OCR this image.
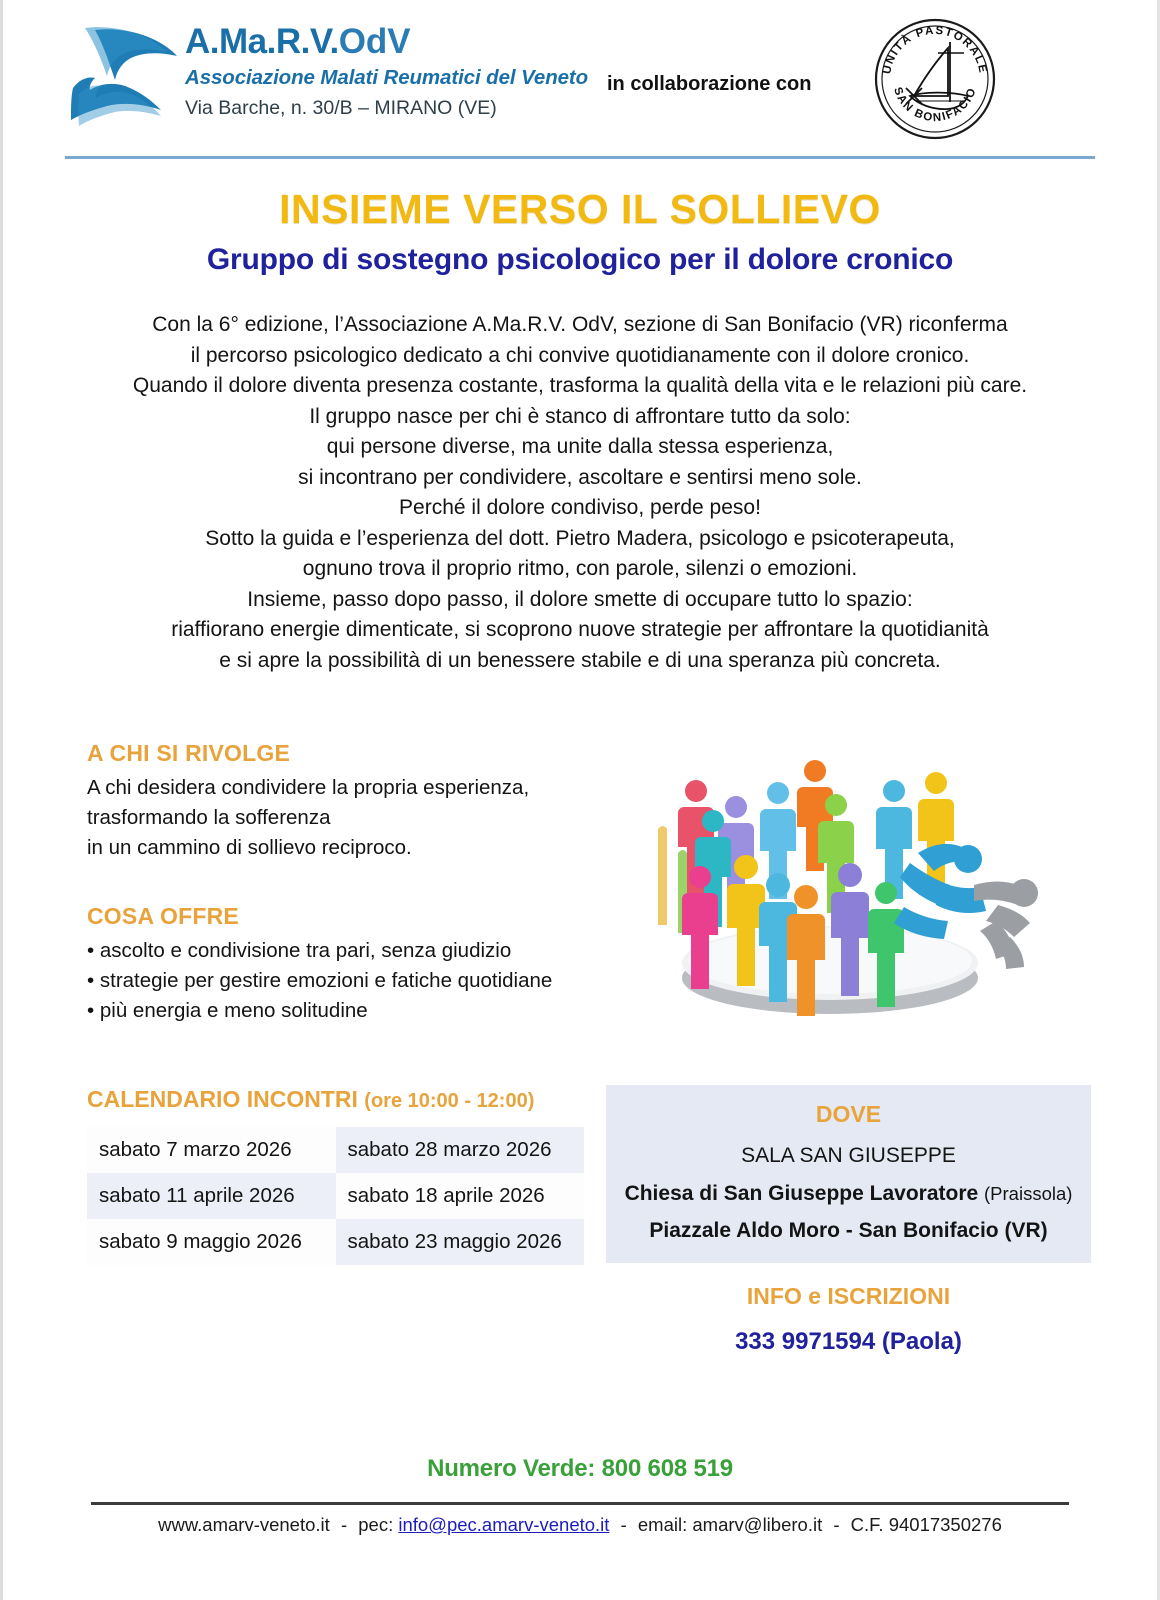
A.Ma.R.V.OdV
Associazione Malati Reumatici del Veneto
Via Barche, n. 30/B – MIRANO (VE)
in collaborazione con
UNITÀ PASTORALE
SAN BONIFACIO
INSIEME VERSO IL SOLLIEVO
Gruppo di sostegno psicologico per il dolore cronico
Con la 6° edizione, l’Associazione A.Ma.R.V. OdV, sezione di San Bonifacio (VR) riconferma
il percorso psicologico dedicato a chi convive quotidianamente con il dolore cronico.
Quando il dolore diventa presenza costante, trasforma la qualità della vita e le relazioni più care.
Il gruppo nasce per chi è stanco di affrontare tutto da solo:
qui persone diverse, ma unite dalla stessa esperienza,
si incontrano per condividere, ascoltare e sentirsi meno sole.
Perché il dolore condiviso, perde peso!
Sotto la guida e l’esperienza del dott. Pietro Madera, psicologo e psicoterapeuta,
ognuno trova il proprio ritmo, con parole, silenzi o emozioni.
Insieme, passo dopo passo, il dolore smette di occupare tutto lo spazio:
riaffiorano energie dimenticate, si scoprono nuove strategie per affrontare la quotidianità
e si apre la possibilità di un benessere stabile e di una speranza più concreta.
A CHI SI RIVOLGE
A chi desidera condividere la propria esperienza,
trasformando la sofferenza
in un cammino di sollievo reciproco.
COSA OFFRE
• ascolto e condivisione tra pari, senza giudizio
• strategie per gestire emozioni e fatiche quotidiane
• più energia e meno solitudine
CALENDARIO INCONTRI (ore 10:00 - 12:00)
sabato 7 marzo 2026	sabato 28 marzo 2026
sabato 11 aprile 2026	sabato 18 aprile 2026
sabato 9 maggio 2026	sabato 23 maggio 2026
DOVE
SALA SAN GIUSEPPE
Chiesa di San Giuseppe Lavoratore (Praissola)
Piazzale Aldo Moro - San Bonifacio (VR)
INFO e ISCRIZIONI
333 9971594 (Paola)
Numero Verde: 800 608 519
www.amarv-veneto.it - pec: info@pec.amarv-veneto.it - email: amarv@libero.it - C.F. 94017350276
